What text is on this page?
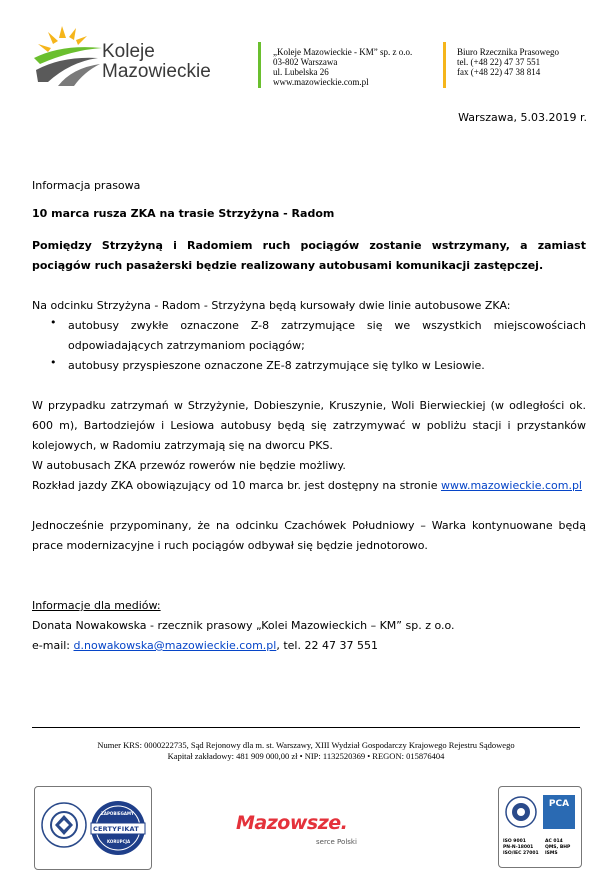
Koleje
Mazowieckie
„Koleje Mazowieckie - KM” sp. z o.o.
03-802 Warszawa
ul. Lubelska 26
www.mazowieckie.com.pl
Biuro Rzecznika Prasowego
tel. (+48 22) 47 37 551
fax (+48 22) 47 38 814
Warszawa, 5.03.2019 r.
Informacja prasowa
10 marca rusza ZKA na trasie Strzyżyna - Radom
Pomiędzy Strzyżyną i Radomiem ruch pociągów zostanie wstrzymany, a zamiast pociągów ruch pasażerski będzie realizowany autobusami komunikacji zastępczej.
Na odcinku Strzyżyna - Radom - Strzyżyna będą kursowały dwie linie autobusowe ZKA:
• autobusy zwykłe oznaczone Z-8 zatrzymujące się we wszystkich miejscowościach odpowiadających zatrzymaniom pociągów;
• autobusy przyspieszone oznaczone ZE-8 zatrzymujące się tylko w Lesiowie.
W przypadku zatrzymań w Strzyżynie, Dobieszynie, Kruszynie, Woli Bierwieckiej (w odległości ok. 600 m), Bartodziejów i Lesiowa autobusy będą się zatrzymywać w pobliżu stacji i przystanków kolejowych, w Radomiu zatrzymają się na dworcu PKS.
W autobusach ZKA przewóz rowerów nie będzie możliwy.
Rozkład jazdy ZKA obowiązujący od 10 marca br. jest dostępny na stronie www.mazowieckie.com.pl
Jednocześnie przypominany, że na odcinku Czachówek Południowy – Warka kontynuowane będą prace modernizacyjne i ruch pociągów odbywał się będzie jednotorowo.
Informacje dla mediów:
Donata Nowakowska - rzecznik prasowy „Kolei Mazowieckich – KM” sp. z o.o.
e-mail: d.nowakowska@mazowieckie.com.pl, tel. 22 47 37 551
Numer KRS: 0000222735, Sąd Rejonowy dla m. st. Warszawy, XIII Wydział Gospodarczy Krajowego Rejestru Sądowego
Kapitał zakładowy: 481 909 000,00 zł • NIP: 1132520369 • REGON: 015876404
ZAPOBIEGAMY
CERTYFIKAT
KORUPCJA
Mazowsze.
serce Polski
PCA
ISO 9001
PN-N-18001
ISO/IEC 27001
AC 014
QMS, BHP
ISMS
